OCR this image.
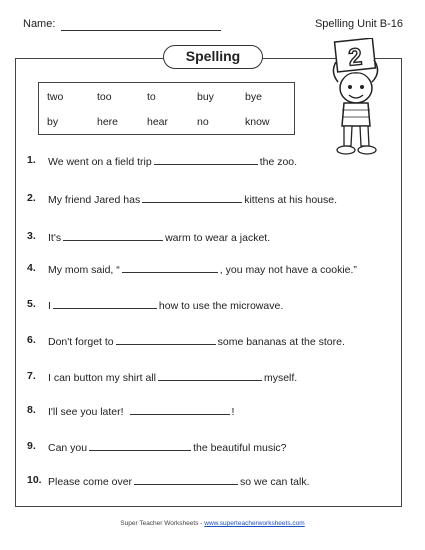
Name:	Spelling Unit B-16
Spelling
two	too	to	buy	bye
by	here	hear	no	know
2
1. We went on a field trip	the zoo.
2. My friend Jared has	kittens at his house.
3. It's	warm to wear a jacket.
4. My mom said, “	, you may not have a cookie.”
5. I	how to use the microwave.
6. Don't forget to	some bananas at the store.
7. I can button my shirt all	myself.
8. I'll see you later!	!
9. Can you	the beautiful music?
10. Please come over	so we can talk.
Super Teacher Worksheets - www.superteacherworksheets.com
